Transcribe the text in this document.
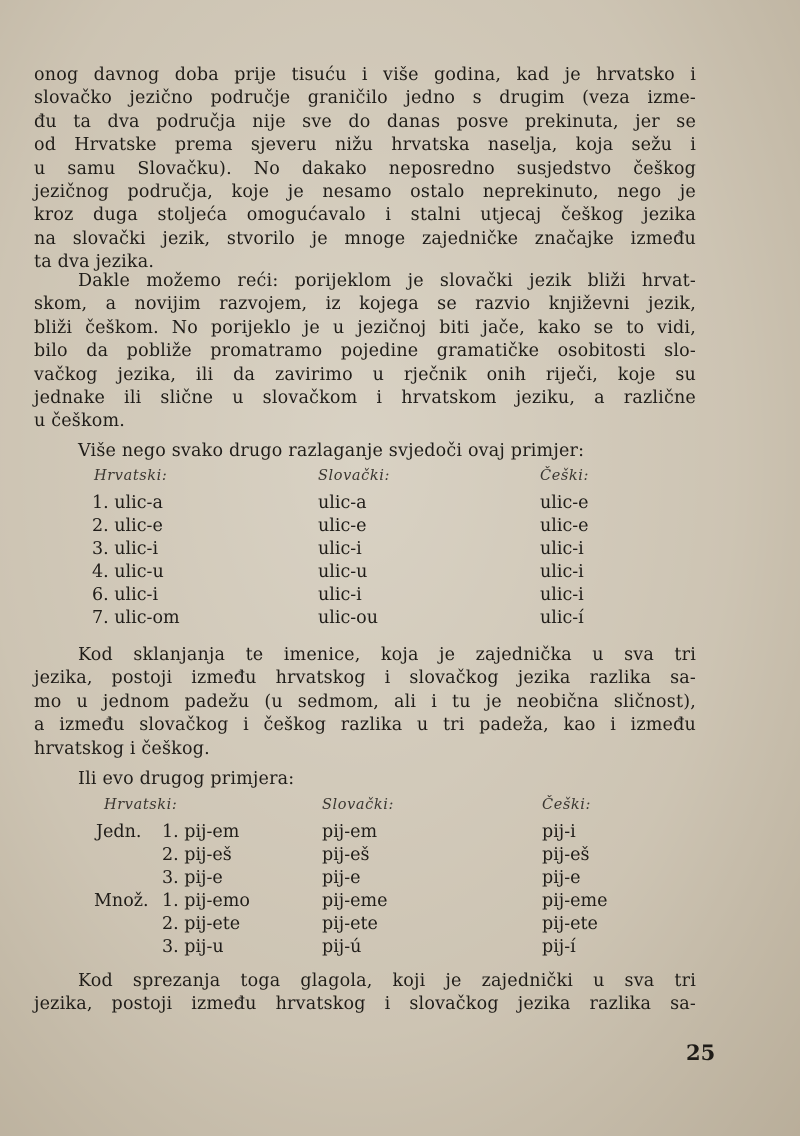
onog davnog doba prije tisuću i više godina, kad je hrvatsko i
slovačko jezično područje graničilo jedno s drugim (veza izme-
đu ta dva područja nije sve do danas posve prekinuta, jer se
od Hrvatske prema sjeveru nižu hrvatska naselja, koja sežu i
u samu Slovačku). No dakako neposredno susjedstvo češkog
jezičnog područja, koje je nesamo ostalo neprekinuto, nego je
kroz duga stoljeća omogućavalo i stalni utjecaj češkog jezika
na slovački jezik, stvorilo je mnoge zajedničke značajke između
ta dva jezika.
Dakle možemo reći: porijeklom je slovački jezik bliži hrvat-
skom, a novijim razvojem, iz kojega se razvio književni jezik,
bliži češkom. No porijeklo je u jezičnoj biti jače, kako se to vidi,
bilo da pobliže promatramo pojedine gramatičke osobitosti slo-
vačkog jezika, ili da zavirimo u rječnik onih riječi, koje su
jednake ili slične u slovačkom i hrvatskom jeziku, a različne
u češkom.
Više nego svako drugo razlaganje svjedoči ovaj primjer:
Hrvatski:	Slovački:	Češki:
1. ulic-a	ulic-a	ulic-e
2. ulic-e	ulic-e	ulic-e
3. ulic-i	ulic-i	ulic-i
4. ulic-u	ulic-u	ulic-i
6. ulic-i	ulic-i	ulic-i
7. ulic-om	ulic-ou	ulic-í
Kod sklanjanja te imenice, koja je zajednička u sva tri
jezika, postoji između hrvatskog i slovačkog jezika razlika sa-
mo u jednom padežu (u sedmom, ali i tu je neobična sličnost),
a između slovačkog i češkog razlika u tri padeža, kao i između
hrvatskog i češkog.
Ili evo drugog primjera:
Hrvatski:	Slovački:	Češki:
Jedn. 1. pij-em	pij-em	pij-i
2. pij-eš	pij-eš	pij-eš
3. pij-e	pij-e	pij-e
Množ. 1. pij-emo	pij-eme	pij-eme
2. pij-ete	pij-ete	pij-ete
3. pij-u	pij-ú	pij-í
Kod sprezanja toga glagola, koji je zajednički u sva tri
jezika, postoji između hrvatskog i slovačkog jezika razlika sa-
25
